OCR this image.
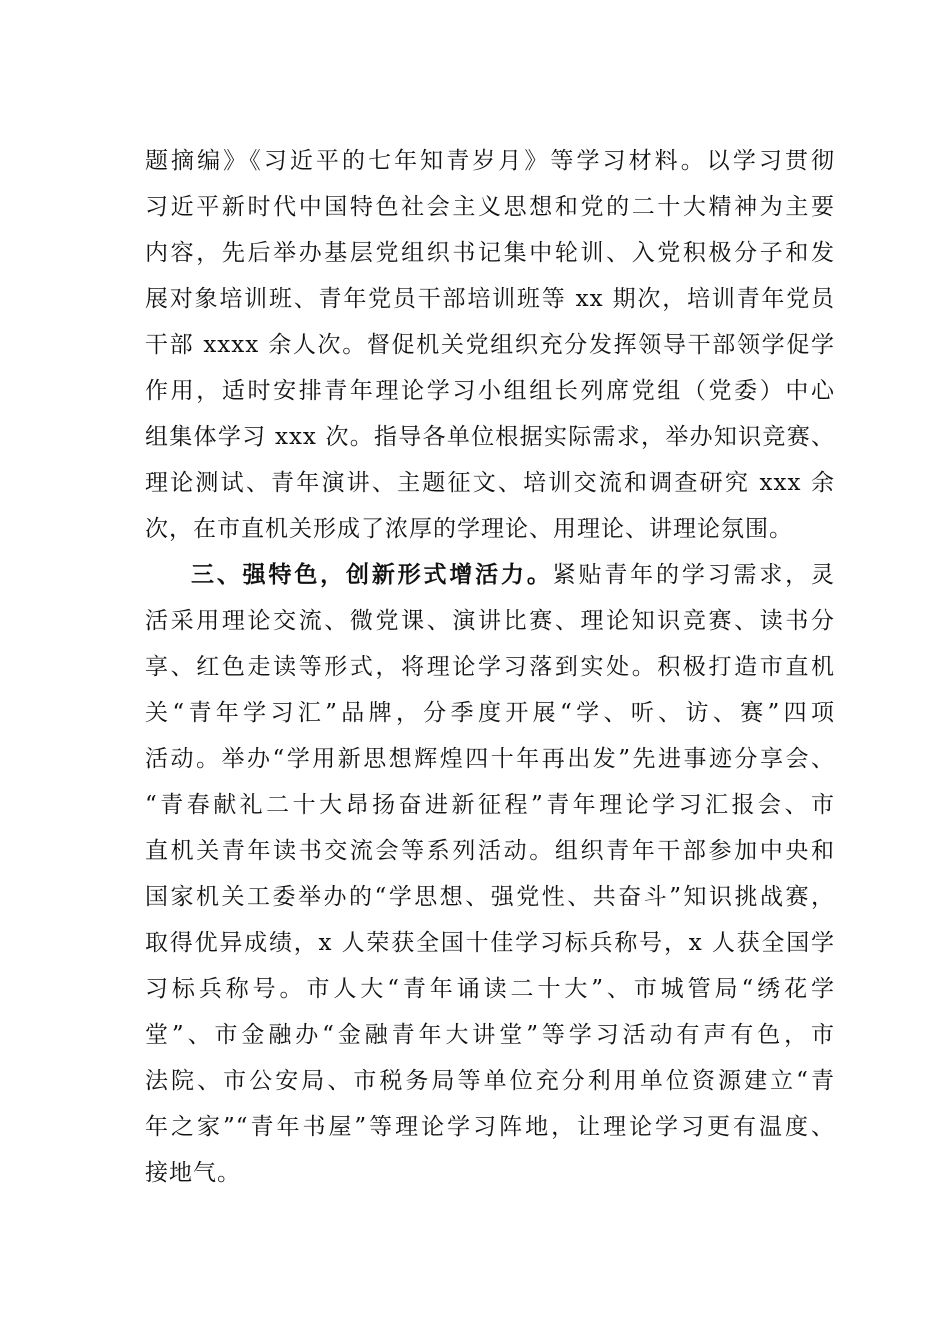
题摘编》《习近平的七年知青岁月》等学习材料。以学习贯彻
习近平新时代中国特色社会主义思想和党的二十大精神为主要
内容，先后举办基层党组织书记集中轮训、入党积极分子和发
展对象培训班、青年党员干部培训班等 xx 期次，培训青年党员
干部 xxxx 余人次。督促机关党组织充分发挥领导干部领学促学
作用，适时安排青年理论学习小组组长列席党组（党委）中心
组集体学习 xxx 次。指导各单位根据实际需求，举办知识竞赛、
理论测试、青年演讲、主题征文、培训交流和调查研究 xxx 余
次，在市直机关形成了浓厚的学理论、用理论、讲理论氛围。
三、强特色，创新形式增活力。紧贴青年的学习需求，灵
活采用理论交流、微党课、演讲比赛、理论知识竞赛、读书分
享、红色走读等形式，将理论学习落到实处。积极打造市直机
关“青年学习汇”品牌，分季度开展“学、听、访、赛”四项
活动。举办“学用新思想辉煌四十年再出发”先进事迹分享会、
“青春献礼二十大昂扬奋进新征程”青年理论学习汇报会、市
直机关青年读书交流会等系列活动。组织青年干部参加中央和
国家机关工委举办的“学思想、强党性、共奋斗”知识挑战赛，
取得优异成绩，x 人荣获全国十佳学习标兵称号，x 人获全国学
习标兵称号。市人大“青年诵读二十大”、市城管局“绣花学
堂”、市金融办“金融青年大讲堂”等学习活动有声有色，市
法院、市公安局、市税务局等单位充分利用单位资源建立“青
年之家”“青年书屋”等理论学习阵地，让理论学习更有温度、
接地气。
